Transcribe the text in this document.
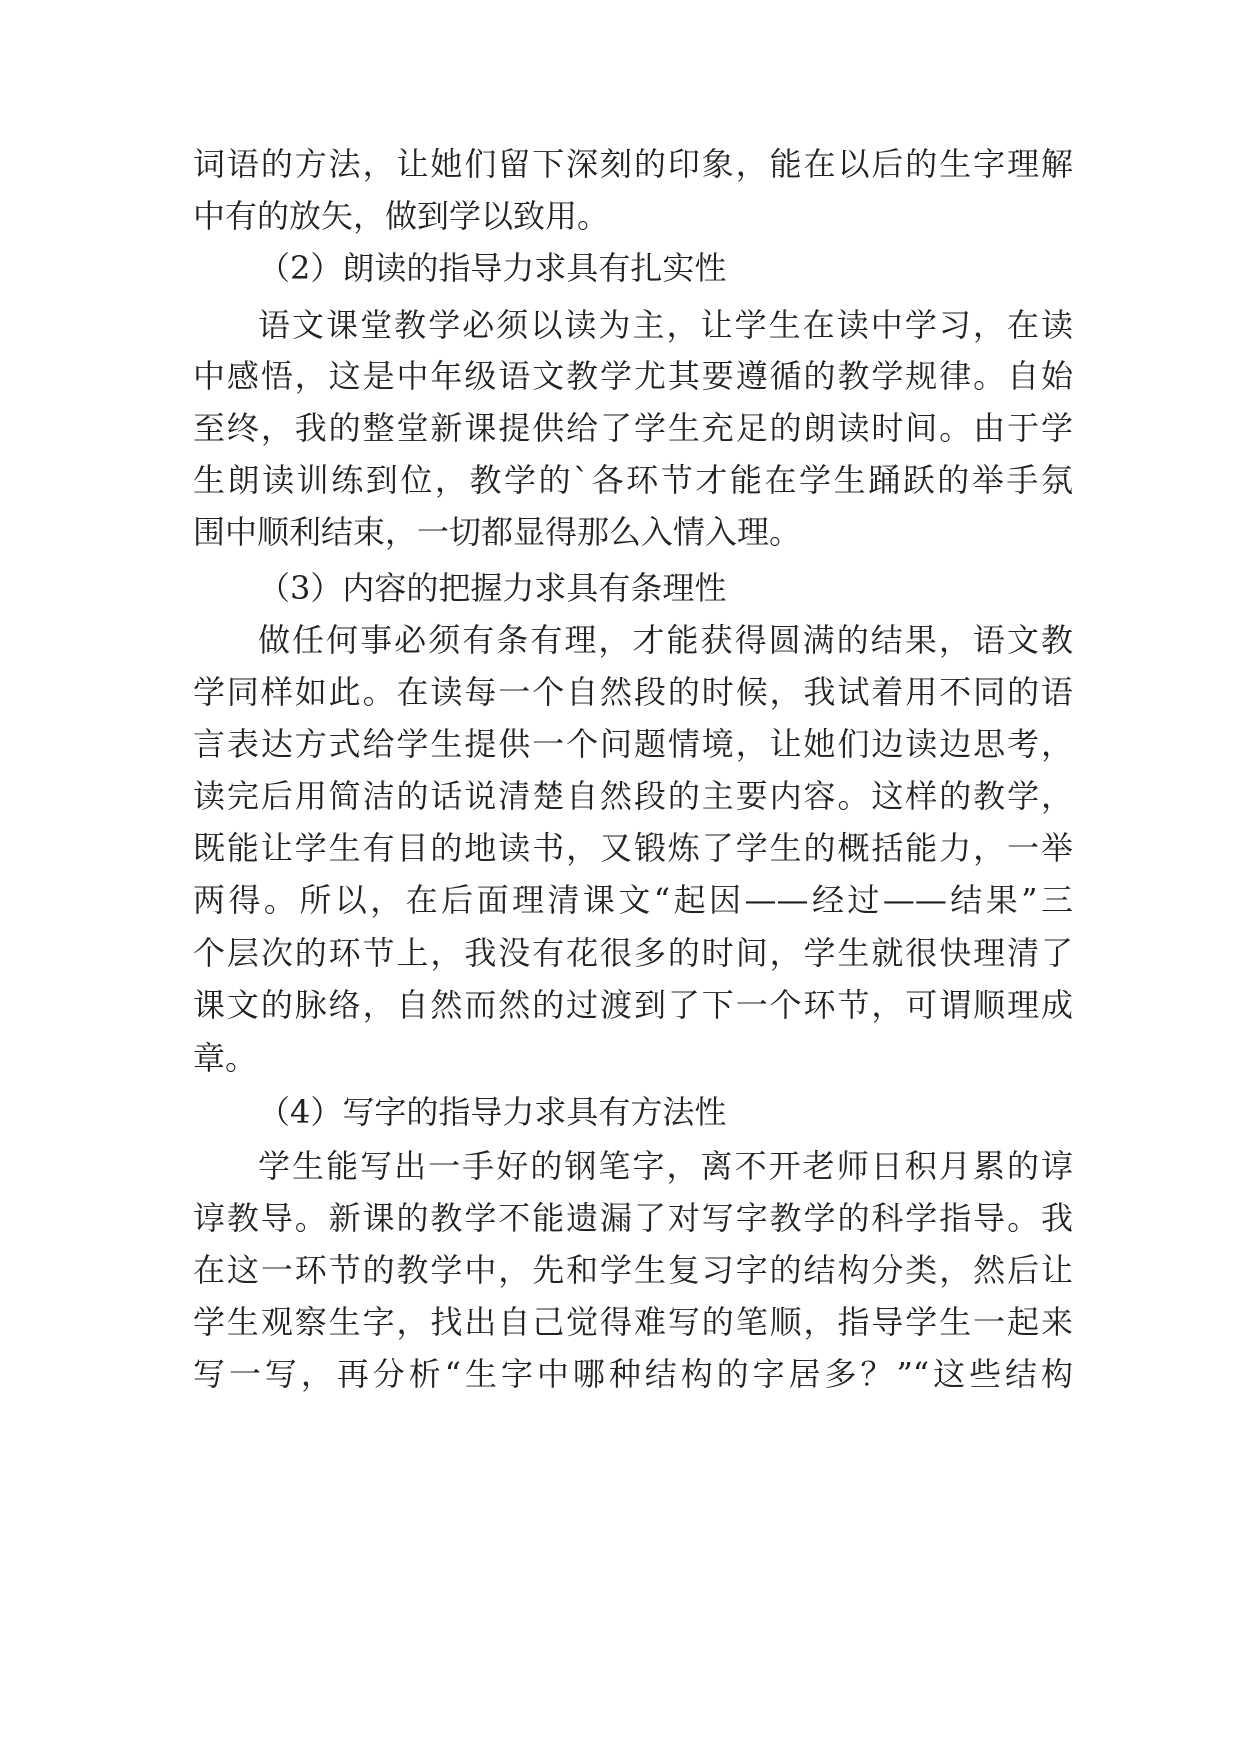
词语的方法，让她们留下深刻的印象，能在以后的生字理解
中有的放矢，做到学以致用。
（2）朗读的指导力求具有扎实性
语文课堂教学必须以读为主，让学生在读中学习，在读
中感悟，这是中年级语文教学尤其要遵循的教学规律。自始
至终，我的整堂新课提供给了学生充足的朗读时间。由于学
生朗读训练到位，教学的`各环节才能在学生踊跃的举手氛
围中顺利结束，一切都显得那么入情入理。
（3）内容的把握力求具有条理性
做任何事必须有条有理，才能获得圆满的结果，语文教
学同样如此。在读每一个自然段的时候，我试着用不同的语
言表达方式给学生提供一个问题情境，让她们边读边思考，
读完后用简洁的话说清楚自然段的主要内容。这样的教学，
既能让学生有目的地读书，又锻炼了学生的概括能力，一举
两得。所以，在后面理清课文“起因——经过——结果”三
个层次的环节上，我没有花很多的时间，学生就很快理清了
课文的脉络，自然而然的过渡到了下一个环节，可谓顺理成
章。
（4）写字的指导力求具有方法性
学生能写出一手好的钢笔字，离不开老师日积月累的谆
谆教导。新课的教学不能遗漏了对写字教学的科学指导。我
在这一环节的教学中，先和学生复习字的结构分类，然后让
学生观察生字，找出自己觉得难写的笔顺，指导学生一起来
写一写，再分析“生字中哪种结构的字居多？”“这些结构
